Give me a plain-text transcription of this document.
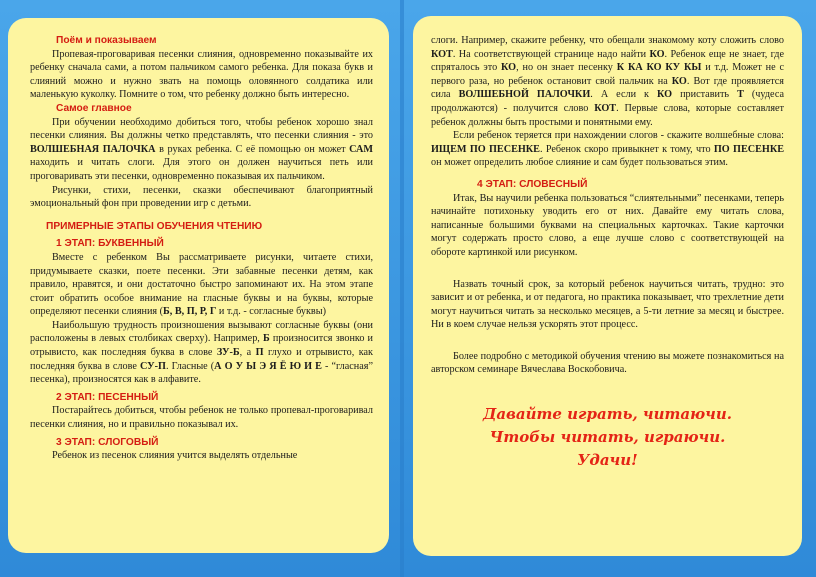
Поём и показываем

Пропевая-проговаривая песенки слияния, одновременно показывайте их ребенку сначала сами, а потом пальчиком самого ребенка. Для показа букв и слияний можно и нужно звать на помощь оловянного солдатика или маленькую куколку. Помните о том, что ребенку должно быть интересно.

Самое главное

При обучении необходимо добиться того, чтобы ребенок хорошо знал песенки слияния. Вы должны четко представлять, что песенки слияния - это ВОЛШЕБНАЯ ПАЛОЧКА в руках ребенка. С её помощью он может САМ находить и читать слоги. Для этого он должен научиться петь или проговаривать эти песенки, одновременно показывая их пальчиком.

Рисунки, стихи, песенки, сказки обеспечивают благоприятный эмоциональный фон при проведении игр с детьми.

ПРИМЕРНЫЕ ЭТАПЫ ОБУЧЕНИЯ ЧТЕНИЮ
1 ЭТАП: БУКВЕННЫЙ

Вместе с ребенком Вы рассматриваете рисунки, читаете стихи, придумываете сказки, поете песенки. Эти забавные песенки детям, как правило, нравятся, и они достаточно быстро запоминают их. На этом этапе стоит обратить особое внимание на гласные буквы и на буквы, которые определяют песенки слияния (Б, В, П, Р, Г и т.д. - согласные буквы)

Наибольшую трудность произношения вызывают согласные буквы (они расположены в левых столбиках сверху). Например, Б произносится звонко и отрывисто, как последняя буква в слове ЗУ-Б, а П глухо и отрывисто, как последняя буква в слове СУ-П. Гласные (А О У Ы Э Я Ё Ю И Е - “гласная” песенка), произносятся как в алфавите.

2 ЭТАП: ПЕСЕННЫЙ

Постарайтесь добиться, чтобы ребенок не только пропевал-проговаривал песенки слияния, но и правильно показывал их.

3 ЭТАП: СЛОГОВЫЙ

Ребенок из песенок слияния учится выделять отдельные

слоги. Например, скажите ребенку, что обещали знакомому коту сложить слово КОТ. На соответствующей странице надо найти КО. Ребенок еще не знает, где спряталось это КО, но он знает песенку К КА КО КУ КЫ и т.д. Может не с первого раза, но ребенок остановит свой пальчик на КО. Вот где проявляется сила ВОЛШЕБНОЙ ПАЛОЧКИ. А если к КО приставить Т (чудеса продолжаются) - получится слово КОТ. Первые слова, которые составляет ребенок должны быть простыми и понятными ему.

Если ребенок теряется при нахождении слогов - скажите волшебные слова: ИЩЕМ ПО ПЕСЕНКЕ. Ребенок скоро привыкнет к тому, что ПО ПЕСЕНКЕ он может определить любое слияние и сам будет пользоваться этим.

4 ЭТАП: СЛОВЕСНЫЙ

Итак, Вы научили ребенка пользоваться “слиятельными” песенками, теперь начинайте потихоньку уводить его от них. Давайте ему читать слова, написанные большими буквами на специальных карточках. Такие карточки могут содержать просто слово, а еще лучше слово с соответствующей на обороте картинкой или рисунком.

Назвать точный срок, за который ребенок научиться читать, трудно: это зависит и от ребенка, и от педагога, но практика показывает, что трехлетние дети могут научиться читать за несколько месяцев, а 5-ти летние за месяц и быстрее. Ни в коем случае нельзя ускорять этот процесс.

Более подробно с методикой обучения чтению вы можете познакомиться на авторском семинаре Вячеслава Воскобовича.

Давайте играть, читаючи.
Чтобы читать, играючи.
Удачи!
